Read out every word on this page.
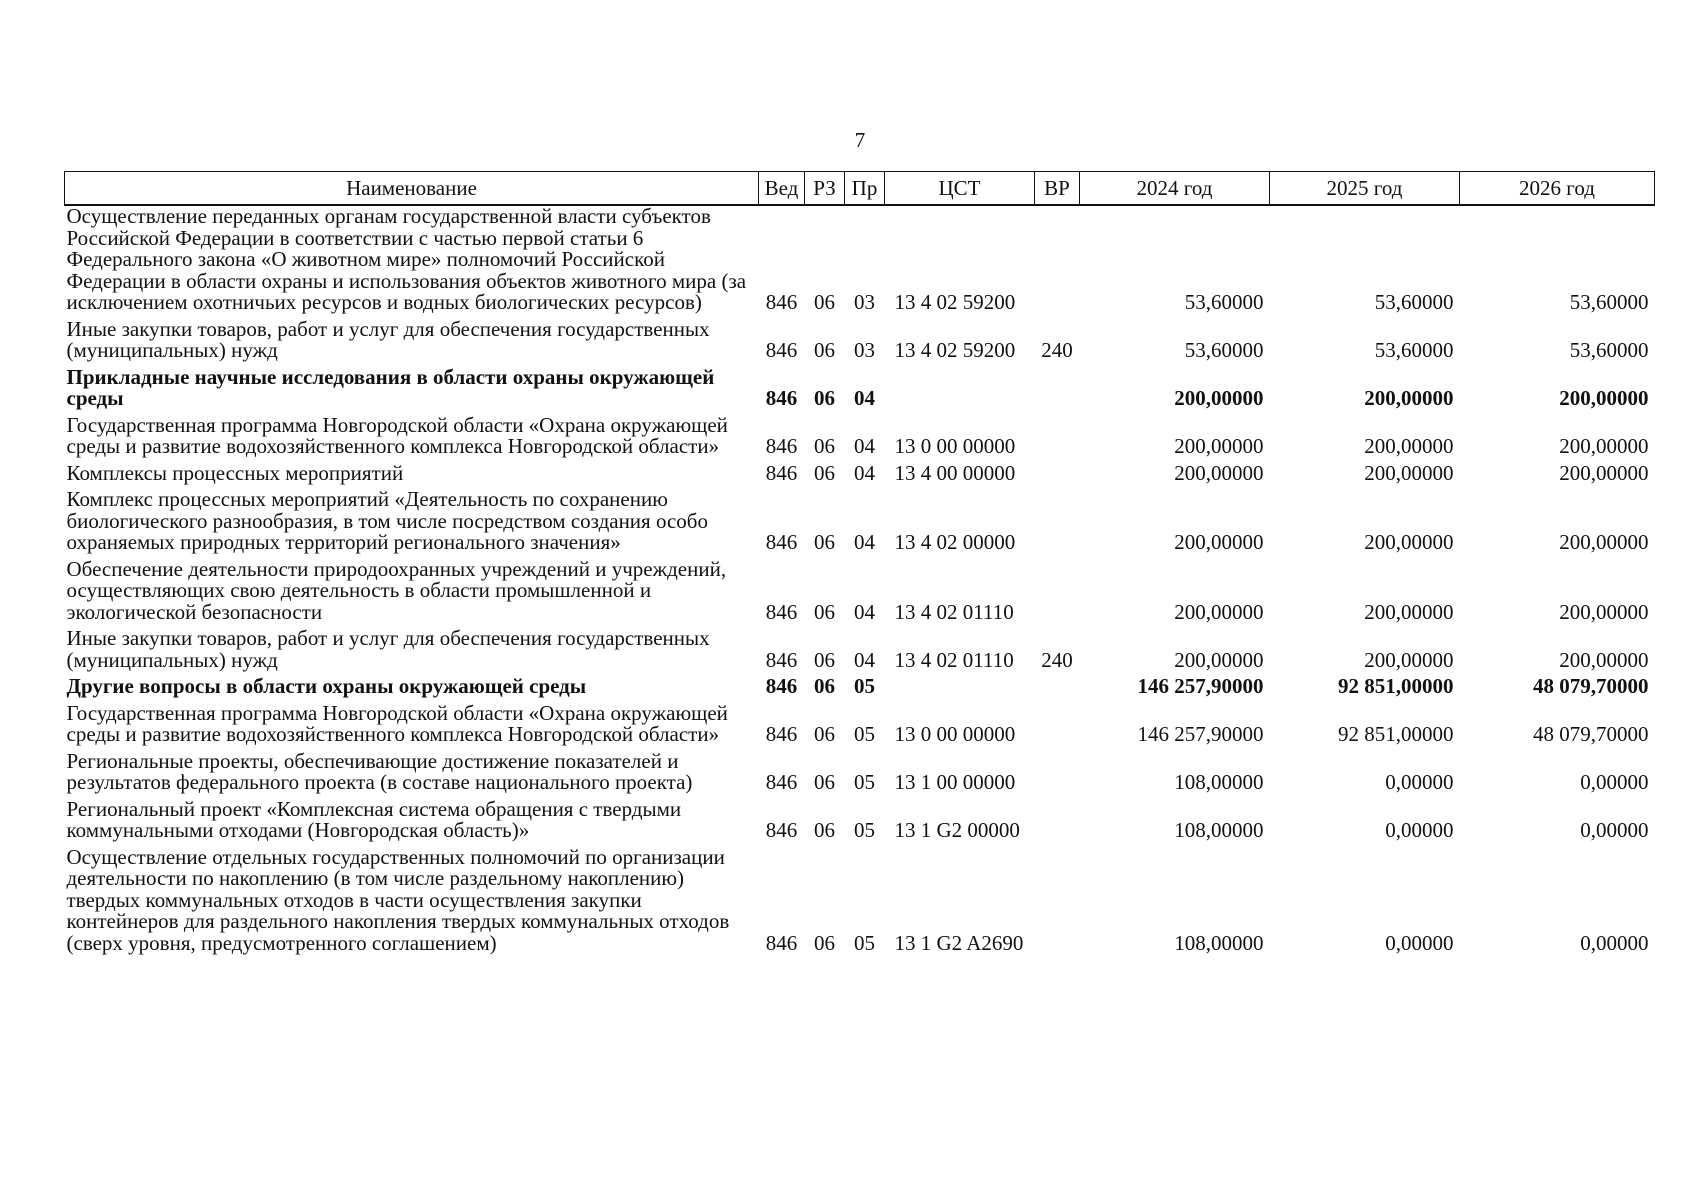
7
Наименование	Вед	РЗ	Пр	ЦСТ	ВР	2024 год	2025 год	2026 год
Осуществление переданных органам государственной власти субъектов Российской Федерации в соответствии с частью первой статьи 6 Федерального закона «О животном мире» полномочий Российской Федерации в области охраны и использования объектов животного мира (за исключением охотничьих ресурсов и водных биологических ресурсов)	846	06	03	13 4 02 59200		53,60000	53,60000	53,60000
Иные закупки товаров, работ и услуг для обеспечения государственных (муниципальных) нужд	846	06	03	13 4 02 59200	240	53,60000	53,60000	53,60000
Прикладные научные исследования в области охраны окружающей среды	846	06	04			200,00000	200,00000	200,00000
Государственная программа Новгородской области «Охрана окружающей среды и развитие водохозяйственного комплекса Новгородской области»	846	06	04	13 0 00 00000		200,00000	200,00000	200,00000
Комплексы процессных мероприятий	846	06	04	13 4 00 00000		200,00000	200,00000	200,00000
Комплекс процессных мероприятий «Деятельность по сохранению биологического разнообразия, в том числе посредством создания особо охраняемых природных территорий регионального значения»	846	06	04	13 4 02 00000		200,00000	200,00000	200,00000
Обеспечение деятельности природоохранных учреждений и учреждений, осуществляющих свою деятельность в области промышленной и экологической безопасности	846	06	04	13 4 02 01110		200,00000	200,00000	200,00000
Иные закупки товаров, работ и услуг для обеспечения государственных (муниципальных) нужд	846	06	04	13 4 02 01110	240	200,00000	200,00000	200,00000
Другие вопросы в области охраны окружающей среды	846	06	05			146 257,90000	92 851,00000	48 079,70000
Государственная программа Новгородской области «Охрана окружающей среды и развитие водохозяйственного комплекса Новгородской области»	846	06	05	13 0 00 00000		146 257,90000	92 851,00000	48 079,70000
Региональные проекты, обеспечивающие достижение показателей и результатов федерального проекта (в составе национального проекта)	846	06	05	13 1 00 00000		108,00000	0,00000	0,00000
Региональный проект «Комплексная система обращения с твердыми коммунальными отходами (Новгородская область)»	846	06	05	13 1 G2 00000		108,00000	0,00000	0,00000
Осуществление отдельных государственных полномочий по организации деятельности по накоплению (в том числе раздельному накоплению) твердых коммунальных отходов в части осуществления закупки контейнеров для раздельного накопления твердых коммунальных отходов (сверх уровня, предусмотренного соглашением)	846	06	05	13 1 G2 A2690		108,00000	0,00000	0,00000
